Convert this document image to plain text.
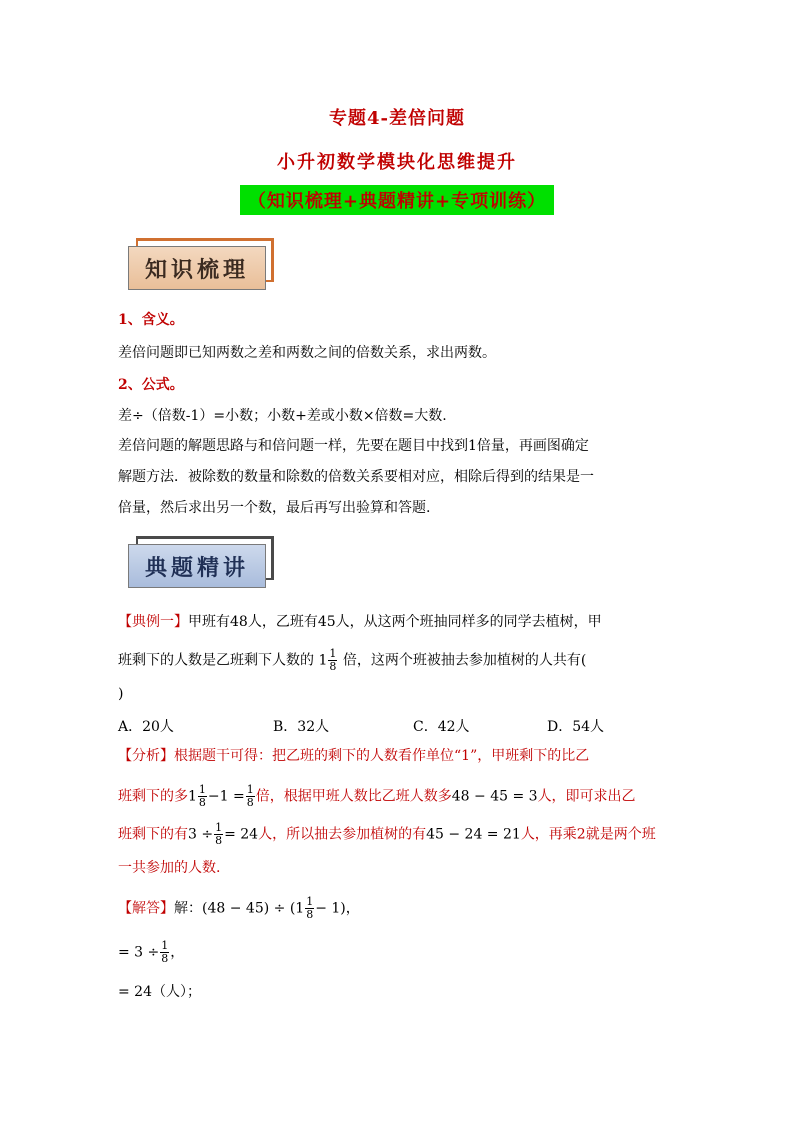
专题4-差倍问题
小升初数学模块化思维提升
（知识梳理+典题精讲+专项训练）
知识梳理
1、含义。
差倍问题即已知两数之差和两数之间的倍数关系，求出两数。
2、公式。
差÷（倍数-1）=小数；小数+差或小数×倍数=大数.
差倍问题的解题思路与和倍问题一样，先要在题目中找到1倍量，再画图确定
解题方法．被除数的数量和除数的倍数关系要相对应，相除后得到的结果是一
倍量，然后求出另一个数，最后再写出验算和答题.
典题精讲
【典例一】甲班有48人，乙班有45人，从这两个班抽同样多的同学去植树，甲
班剩下的人数是乙班剩下人数的 $1 \frac{1}{8}$ 倍，这两个班被抽去参加植树的人共有(
)
A．20人	B．32人	C．42人	D．54人
【分析】根据题干可得：把乙班的剩下的人数看作单位“1”，甲班剩下的比乙
班剩下的多$1 \frac{1}{8} -1 = \frac{1}{8}$ 倍，根据甲班人数比乙班人数多48 − 45 = 3人，即可求出乙
班剩下的有$3 \div \frac{1}{8} = 24$人，所以抽去参加植树的有45 − 24 = 21人，再乘2就是两个班
一共参加的人数.
【解答】解：$(48 - 45) \div (1 \frac{1}{8} - 1)$，
= $3 \div \frac{1}{8}$ ，
= 24（人）；
